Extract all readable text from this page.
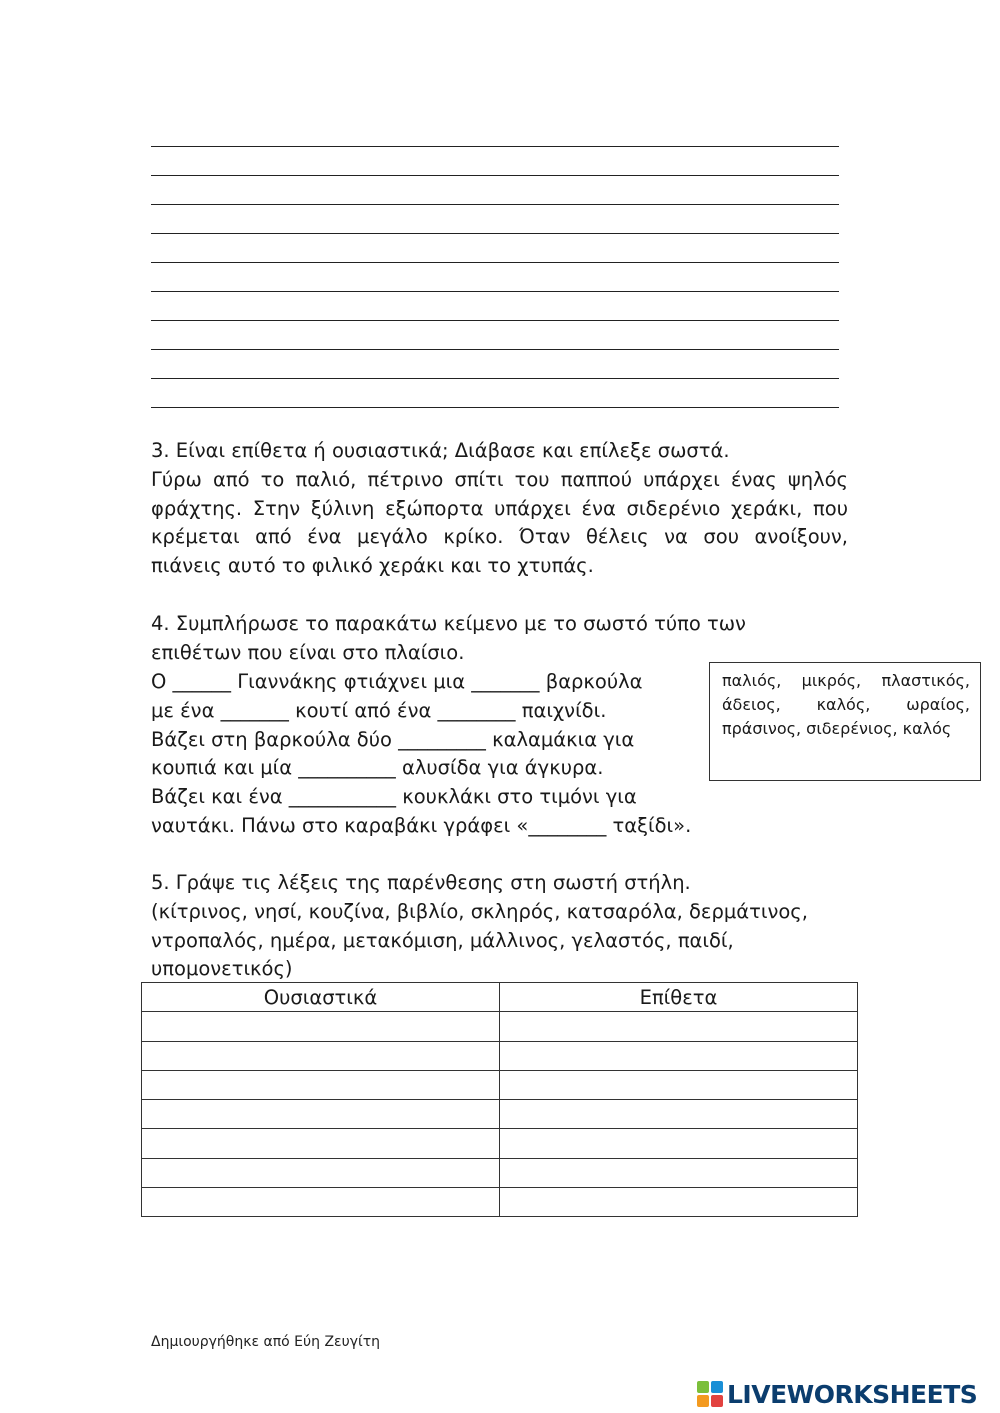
3. Είναι επίθετα ή ουσιαστικά; Διάβασε και επίλεξε σωστά.
Γύρω από το παλιό, πέτρινο σπίτι του παππού υπάρχει ένας ψηλός
φράχτης. Στην ξύλινη εξώπορτα υπάρχει ένα σιδερένιο χεράκι, που
κρέμεται από ένα μεγάλο κρίκο. Όταν θέλεις να σου ανοίξουν,
πιάνεις αυτό το φιλικό χεράκι και το χτυπάς.
4. Συμπλήρωσε το παρακάτω κείμενο με το σωστό τύπο των
επιθέτων που είναι στο πλαίσιο.
Ο ______ Γιαννάκης φτιάχνει μια _______ βαρκούλα
με ένα _______ κουτί από ένα ________ παιχνίδι.
Βάζει στη βαρκούλα δύο _________ καλαμάκια για
κουπιά και μία __________ αλυσίδα για άγκυρα.
Βάζει και ένα ___________ κουκλάκι στο τιμόνι για
ναυτάκι. Πάνω στο καραβάκι γράφει «________ ταξίδι».
παλιός, μικρός, πλαστικός,
άδειος, καλός, ωραίος,
πράσινος, σιδερένιος, καλός
5. Γράψε τις λέξεις της παρένθεσης στη σωστή στήλη.
(κίτρινος, νησί, κουζίνα, βιβλίο, σκληρός, κατσαρόλα, δερμάτινος,
ντροπαλός, ημέρα, μετακόμιση, μάλλινος, γελαστός, παιδί,
υπομονετικός)
Ουσιαστικά	Επίθετα

Δημιουργήθηκε από Εύη Ζευγίτη
LIVEWORKSHEETS
